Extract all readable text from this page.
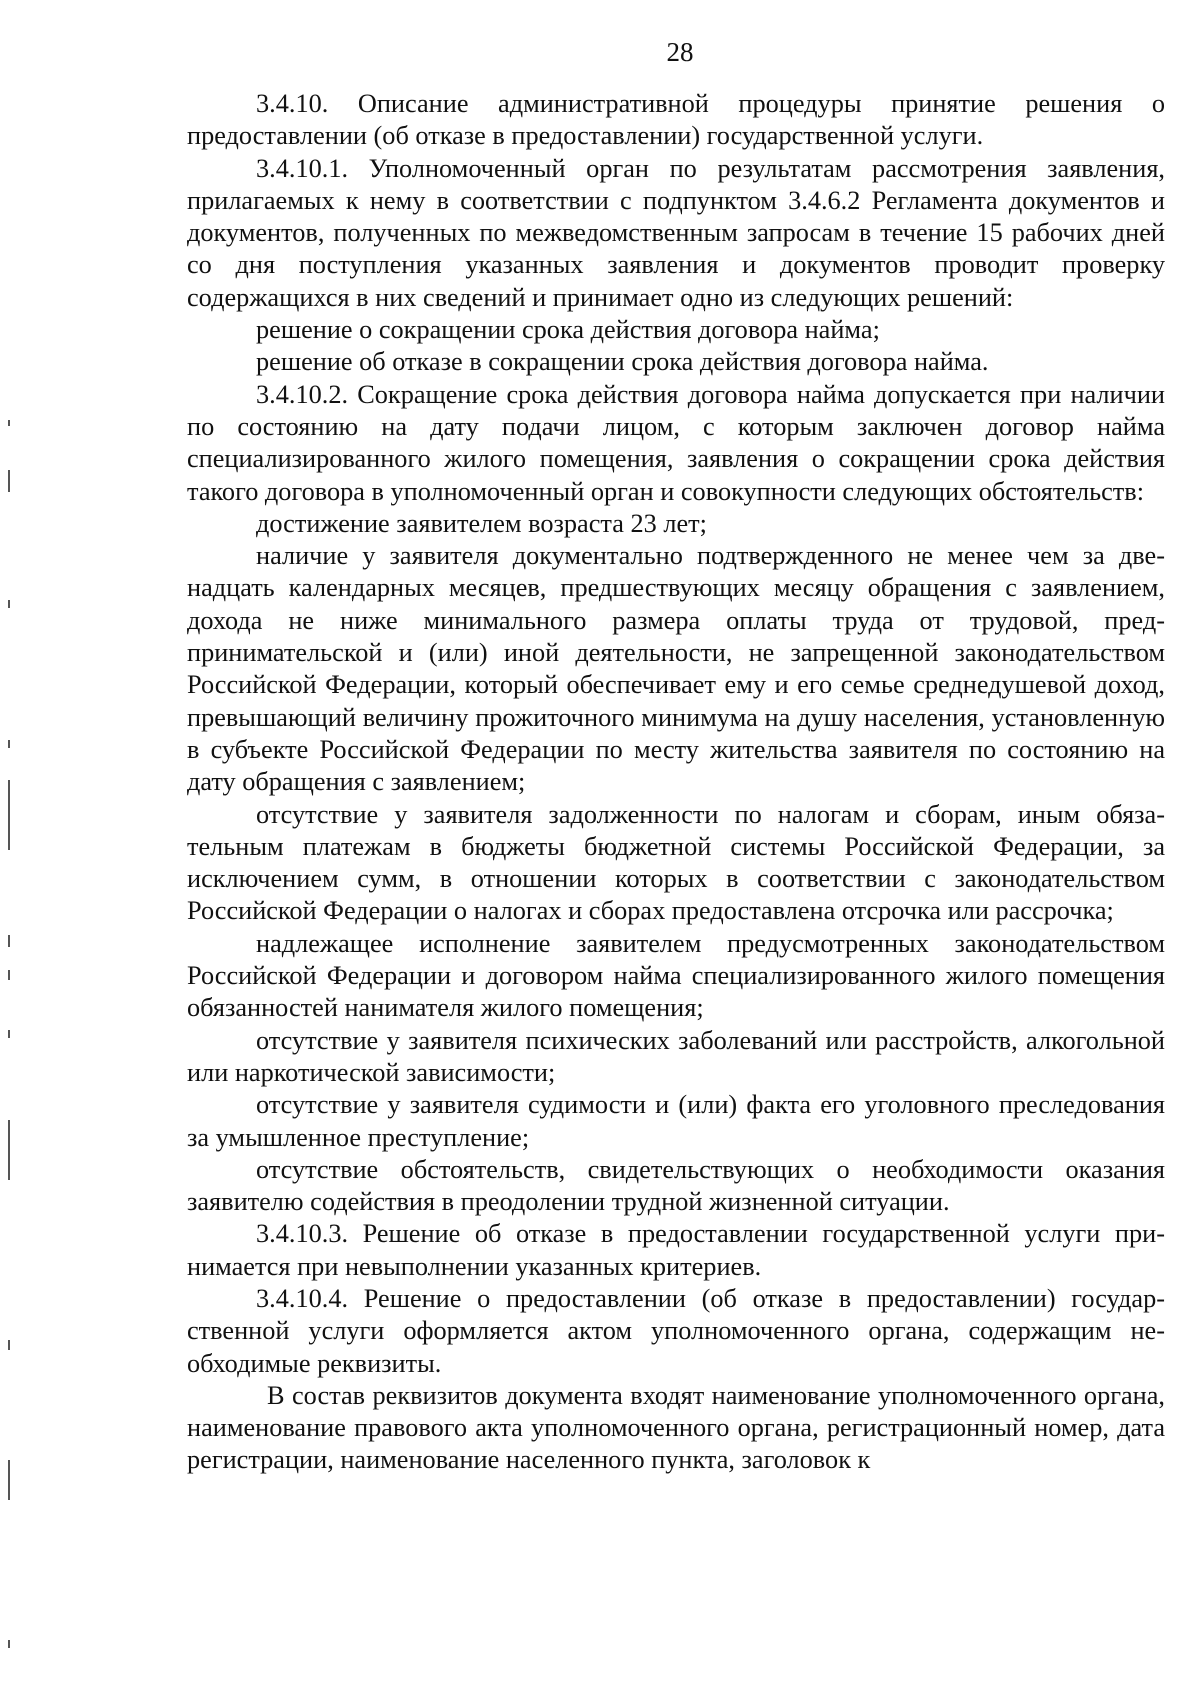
28

3.4.10. Описание административной процедуры принятие решения о предоставлении (об отказе в предоставлении) государственной услуги.

3.4.10.1. Уполномоченный орган по результатам рассмотрения заявления, прилагаемых к нему в соответствии с подпунктом 3.4.6.2 Регламента документов и документов, полученных по межведомственным запросам в течение 15 рабочих дней со дня поступления указанных заявления и документов проводит проверку содержащихся в них сведений и принимает одно из следующих решений:

решение о сокращении срока действия договора найма;

решение об отказе в сокращении срока действия договора найма.

3.4.10.2. Сокращение срока действия договора найма допускается при наличии по состоянию на дату подачи лицом, с которым заключен договор найма специализированного жилого помещения, заявления о сокращении срока действия такого договора в уполномоченный орган и совокупности следующих обстоятельств:

достижение заявителем возраста 23 лет;

наличие у заявителя документально подтвержденного не менее чем за двенадцать календарных месяцев, предшествующих месяцу обращения с заявлением, дохода не ниже минимального размера оплаты труда от трудовой, предпринимательской и (или) иной деятельности, не запрещенной законодательством Российской Федерации, который обеспечивает ему и его семье среднедушевой доход, превышающий величину прожиточного минимума на душу населения, установленную в субъекте Российской Федерации по месту жительства заявителя по состоянию на дату обращения с заявлением;

отсутствие у заявителя задолженности по налогам и сборам, иным обязательным платежам в бюджеты бюджетной системы Российской Федерации, за исключением сумм, в отношении которых в соответствии с законодательством Российской Федерации о налогах и сборах предоставлена отсрочка или рассрочка;

надлежащее исполнение заявителем предусмотренных законодательством Российской Федерации и договором найма специализированного жилого помещения обязанностей нанимателя жилого помещения;

отсутствие у заявителя психических заболеваний или расстройств, алкогольной или наркотической зависимости;

отсутствие у заявителя судимости и (или) факта его уголовного преследования за умышленное преступление;

отсутствие обстоятельств, свидетельствующих о необходимости оказания заявителю содействия в преодолении трудной жизненной ситуации.

3.4.10.3. Решение об отказе в предоставлении государственной услуги принимается при невыполнении указанных критериев.

3.4.10.4. Решение о предоставлении (об отказе в предоставлении) государственной услуги оформляется актом уполномоченного органа, содержащим необходимые реквизиты.

В состав реквизитов документа входят наименование уполномоченного органа, наименование правового акта уполномоченного органа, регистрационный номер, дата регистрации, наименование населенного пункта, заголовок к
